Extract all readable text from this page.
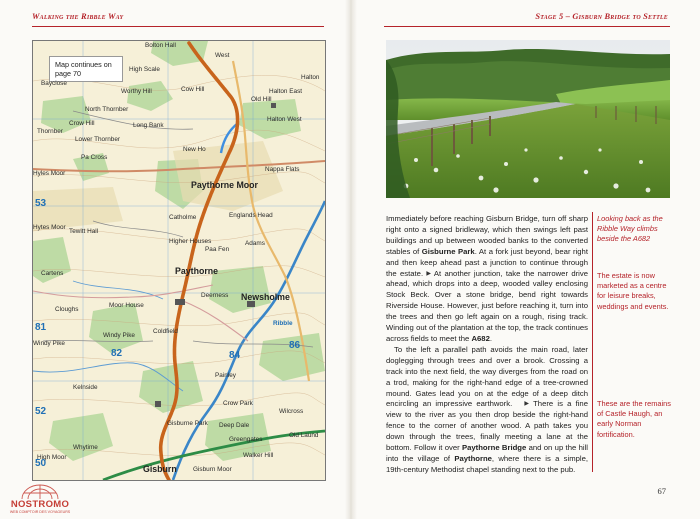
Walking the Ribble Way
Map continues on page 70
Bolton Hall
High Scale
West
Halton
Bayclose
Cow Hill
Old Hill
Halton East
Halton West
North Thornber
Long Bank
Worthy Hill
Lower Thornber
Crow Hill
Thornber
Pa Cross
New Ho
Hyles Moor
Hytes Moor
Paythorne Moor
Nappa Flats
Catholme	Englands Head
Tewitt Hall
Higher Houses
Paa Fen
Adams
Cartens	Paythorne
Newsholme
Cloughs
Moor House
Deerness
Windy Pike
Coldfield
Windy Pike
Painley
Kelnside
Crow Park
Wilcross
Gisburne Park Deep Dale
Greengates
Old Laund
Walker Hill
Gisburn	Gisburn Moor
High Moor
Whytime
Ribble
53
82	84
86
81
52
50
Stage 5 – Gisburn Bridge to Settle

Immediately before reaching Gisburn Bridge, turn off sharp right onto a signed bridleway, which then swings left past buildings and up between wooded banks to the converted stables of Gisburne Park. At a fork just beyond, bear right and then keep ahead past a junction to continue through the estate. ▶ At another junction, take the narrower drive ahead, which drops into a deep, wooded valley enclosing Stock Beck. Over a stone bridge, bend right towards Riverside House. However, just before reaching it, turn into the trees and then go left again on a rough, rising track. Winding out of the plantation at the top, the track continues across fields to meet the A682.

To the left a parallel path avoids the main road, later doglegging through trees and over a brook. Crossing a track into the next field, the way diverges from the road on a trod, making for the right-hand edge of a tree-crowned mound. Gates lead you on at the edge of a deep ditch encircling an impressive earthwork. ▶ There is a fine view to the river as you then drop beside the right-hand fence to the corner of another wood. A path takes you down through the trees, finally meeting a lane at the bottom. Follow it over Paythorne Bridge and on up the hill into the village of Paythorne, where there is a simple, 19th-century Methodist chapel standing next to the pub.

Looking back as the Ribble Way climbs beside the A682
The estate is now marketed as a centre for leisure breaks, weddings and events.
These are the remains of Castle Haugh, an early Norman fortification.
67
NOSTROMO
WEB COMPTOIR DES VOYAGEURS
